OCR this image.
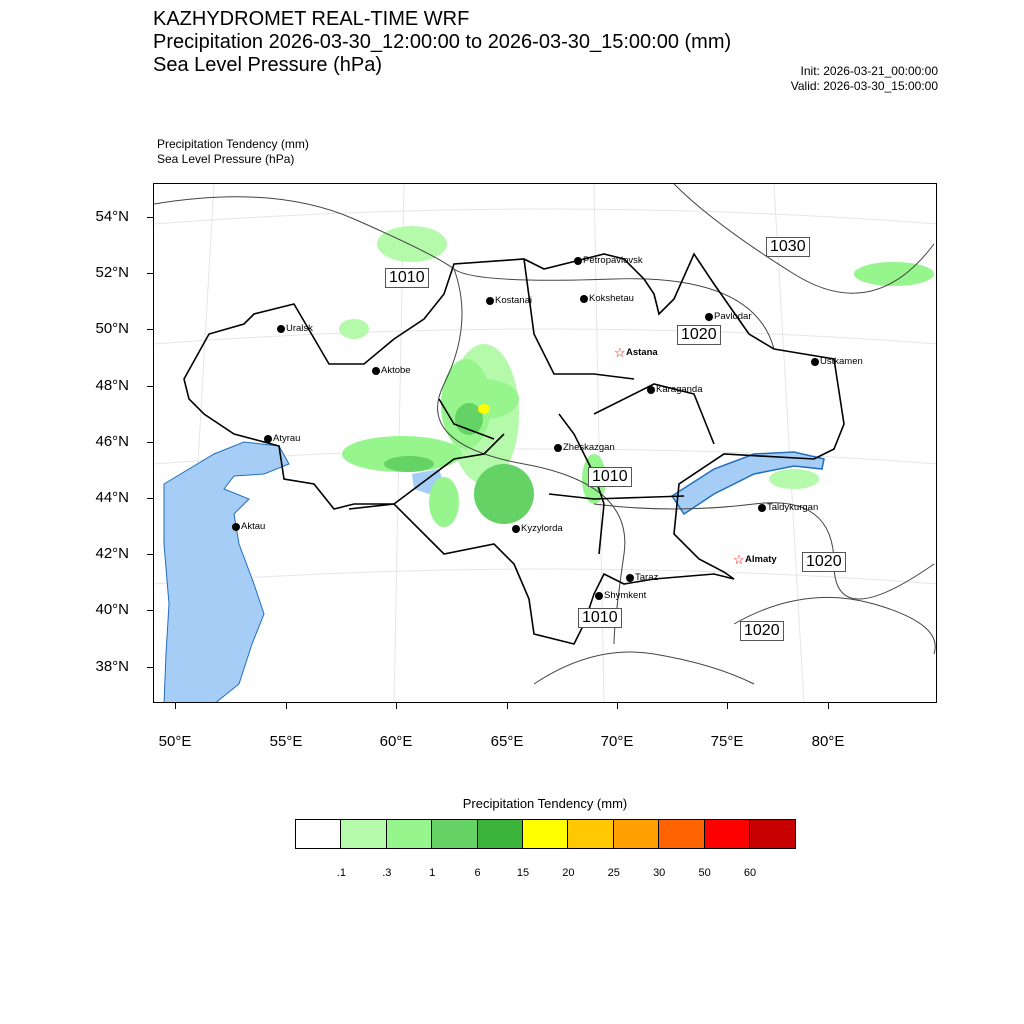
KAZHYDROMET REAL-TIME WRF
Precipitation 2026-03-30_12:00:00 to 2026-03-30_15:00:00 (mm)
Sea Level Pressure (hPa)	Init: 2026-03-21_00:00:00
Valid: 2026-03-30_15:00:00
Precipitation Tendency (mm)
Sea Level Pressure (hPa)
54°N
52°N
50°N
48°N
46°N
44°N
42°N
40°N
38°N
50°E	55°E	60°E	65°E	70°E	75°E	80°E
1030
1010
1020
1010
1020
1010
1020
Petropavlovsk
Kostanai	Kokshetau
Pavlodar
Uralsk
☆ Astana
Ustkamen
Aktobe
Karaganda
Atyrau
Zheskazgan
Taldykurgan
Aktau	Kyzylorda
☆ Almaty
Taraz
Shymkent
Precipitation Tendency (mm)
.1	.3	1	6	15	20	25	30	50	60
